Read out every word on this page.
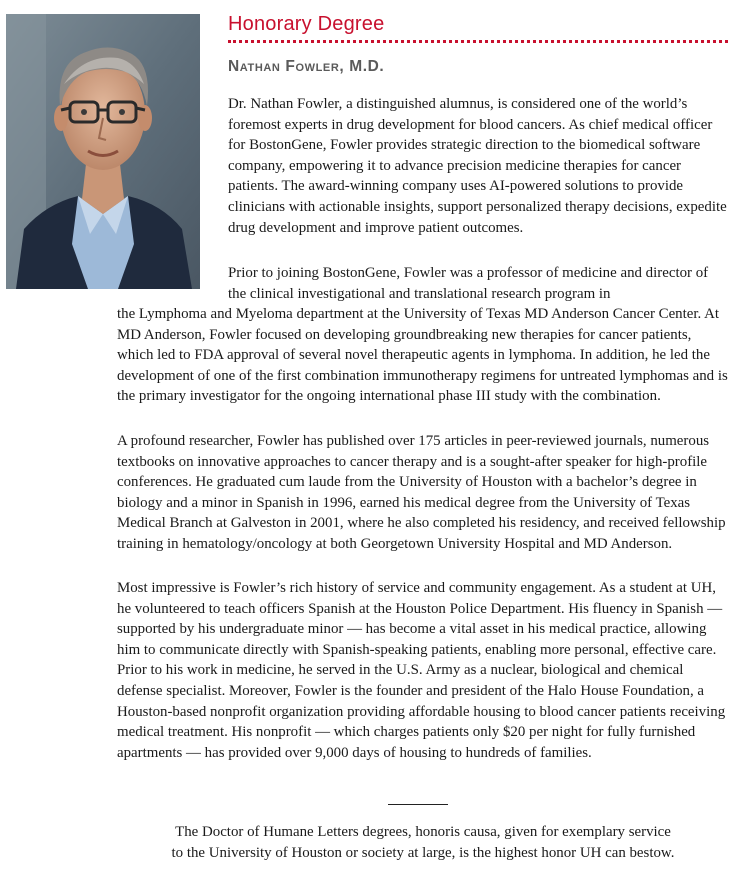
Honorary Degree
Nathan Fowler, M.D.

Dr. Nathan Fowler, a distinguished alumnus, is considered one of the world’s foremost experts in drug development for blood cancers. As chief medical officer for BostonGene, Fowler provides strategic direction to the biomedical software company, empowering it to advance precision medicine therapies for cancer patients. The award-winning company uses AI-powered solutions to provide clinicians with actionable insights, support personalized therapy decisions, expedite drug development and improve patient outcomes.

Prior to joining BostonGene, Fowler was a professor of medicine and director of the clinical investigational and translational research program in

the Lymphoma and Myeloma department at the University of Texas MD Anderson Cancer Center. At MD Anderson, Fowler focused on developing groundbreaking new therapies for cancer patients, which led to FDA approval of several novel therapeutic agents in lymphoma. In addition, he led the development of one of the first combination immunotherapy regimens for untreated lymphomas and is the primary investigator for the ongoing international phase III study with the combination.

A profound researcher, Fowler has published over 175 articles in peer-reviewed journals, numerous textbooks on innovative approaches to cancer therapy and is a sought-after speaker for high-profile conferences. He graduated cum laude from the University of Houston with a bachelor’s degree in biology and a minor in Spanish in 1996, earned his medical degree from the University of Texas Medical Branch at Galveston in 2001, where he also completed his residency, and received fellowship training in hematology/oncology at both Georgetown University Hospital and MD Anderson.

Most impressive is Fowler’s rich history of service and community engagement. As a student at UH, he volunteered to teach officers Spanish at the Houston Police Department. His fluency in Spanish — supported by his undergraduate minor — has become a vital asset in his medical practice, allowing him to communicate directly with Spanish-speaking patients, enabling more personal, effective care. Prior to his work in medicine, he served in the U.S. Army as a nuclear, biological and chemical defense specialist. Moreover, Fowler is the founder and president of the Halo House Foundation, a Houston-based nonprofit organization providing affordable housing to blood cancer patients receiving medical treatment. His nonprofit — which charges patients only $20 per night for fully furnished apartments — has provided over 9,000 days of housing to hundreds of families.

The Doctor of Humane Letters degrees, honoris causa, given for exemplary service
to the University of Houston or society at large, is the highest honor UH can bestow.
